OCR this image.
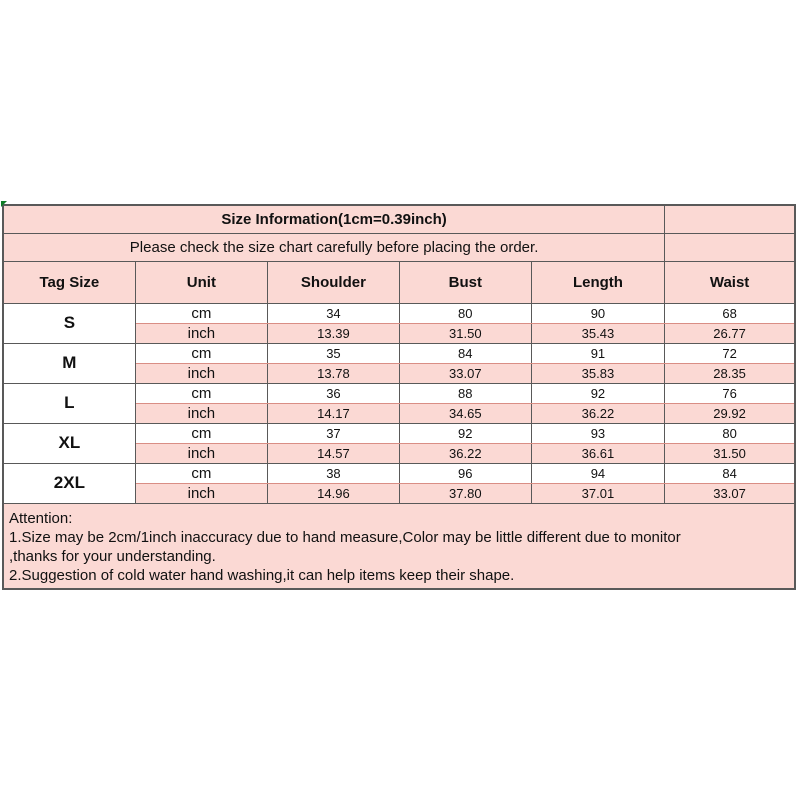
Size Information(1cm=0.39inch)					
Please check the size chart carefully before placing the order.					
Tag Size	Unit	Shoulder	Bust	Length	Waist
S	cm	34	80	90	68
	inch	13.39	31.50	35.43	26.77
M	cm	35	84	91	72
	inch	13.78	33.07	35.83	28.35
L	cm	36	88	92	76
	inch	14.17	34.65	36.22	29.92
XL	cm	37	92	93	80
	inch	14.57	36.22	36.61	31.50
2XL	cm	38	96	94	84
	inch	14.96	37.80	37.01	33.07

Attention:
1.Size may be 2cm/1inch inaccuracy due to hand measure,Color may be little different due to monitor
,thanks for your understanding.
2.Suggestion of cold water hand washing,it can help items keep their shape.					
